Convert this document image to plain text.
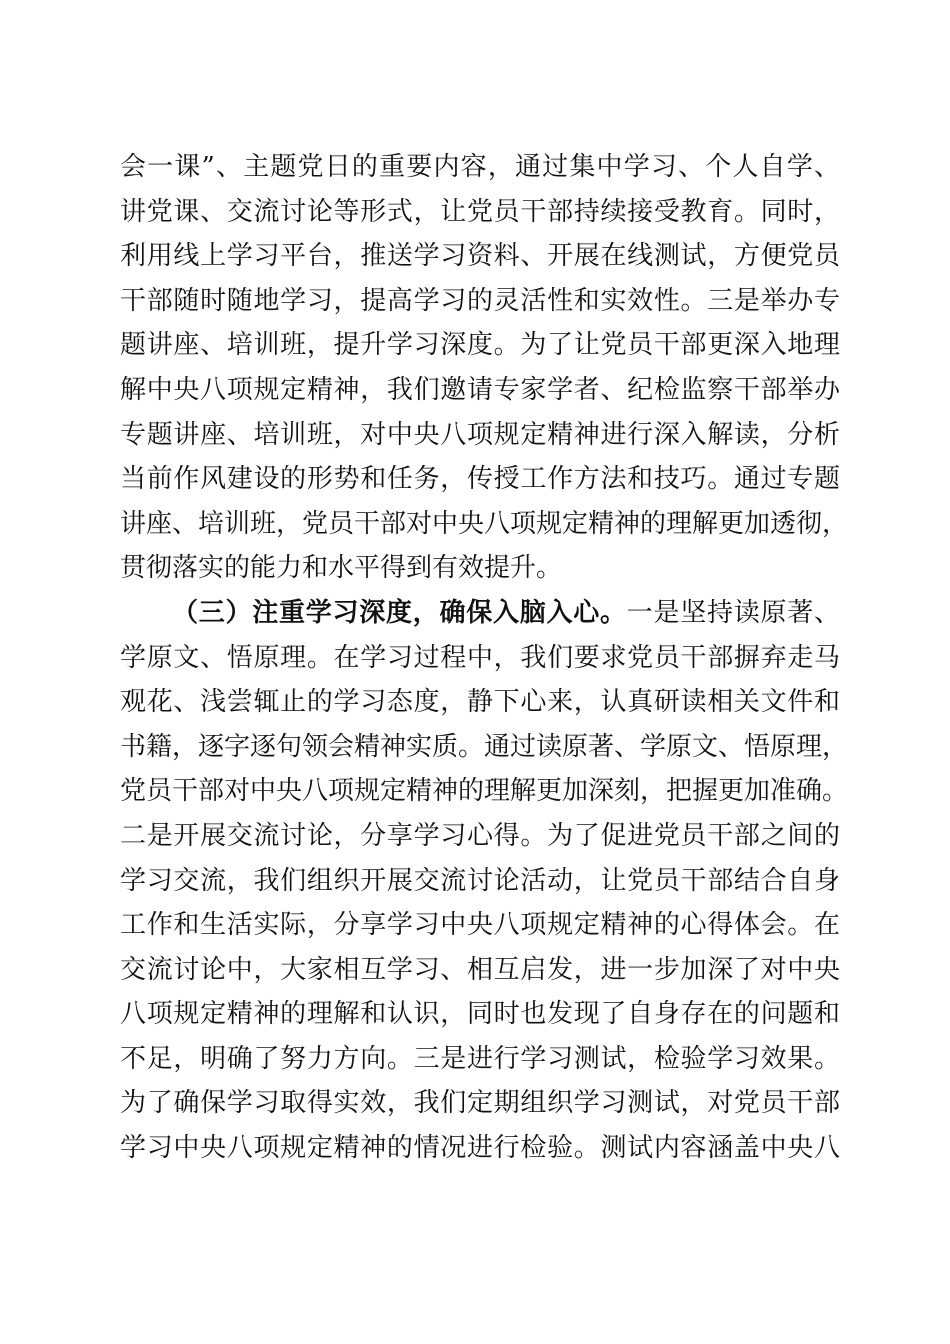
会一课”、主题党日的重要内容，通过集中学习、个人自学、
讲党课、交流讨论等形式，让党员干部持续接受教育。同时，
利用线上学习平台，推送学习资料、开展在线测试，方便党员
干部随时随地学习，提高学习的灵活性和实效性。三是举办专
题讲座、培训班，提升学习深度。为了让党员干部更深入地理
解中央八项规定精神，我们邀请专家学者、纪检监察干部举办
专题讲座、培训班，对中央八项规定精神进行深入解读，分析
当前作风建设的形势和任务，传授工作方法和技巧。通过专题
讲座、培训班，党员干部对中央八项规定精神的理解更加透彻，
贯彻落实的能力和水平得到有效提升。
（三）注重学习深度，确保入脑入心。一是坚持读原著、
学原文、悟原理。在学习过程中，我们要求党员干部摒弃走马
观花、浅尝辄止的学习态度，静下心来，认真研读相关文件和
书籍，逐字逐句领会精神实质。通过读原著、学原文、悟原理，
党员干部对中央八项规定精神的理解更加深刻，把握更加准确。
二是开展交流讨论，分享学习心得。为了促进党员干部之间的
学习交流，我们组织开展交流讨论活动，让党员干部结合自身
工作和生活实际，分享学习中央八项规定精神的心得体会。在
交流讨论中，大家相互学习、相互启发，进一步加深了对中央
八项规定精神的理解和认识，同时也发现了自身存在的问题和
不足，明确了努力方向。三是进行学习测试，检验学习效果。
为了确保学习取得实效，我们定期组织学习测试，对党员干部
学习中央八项规定精神的情况进行检验。测试内容涵盖中央八
